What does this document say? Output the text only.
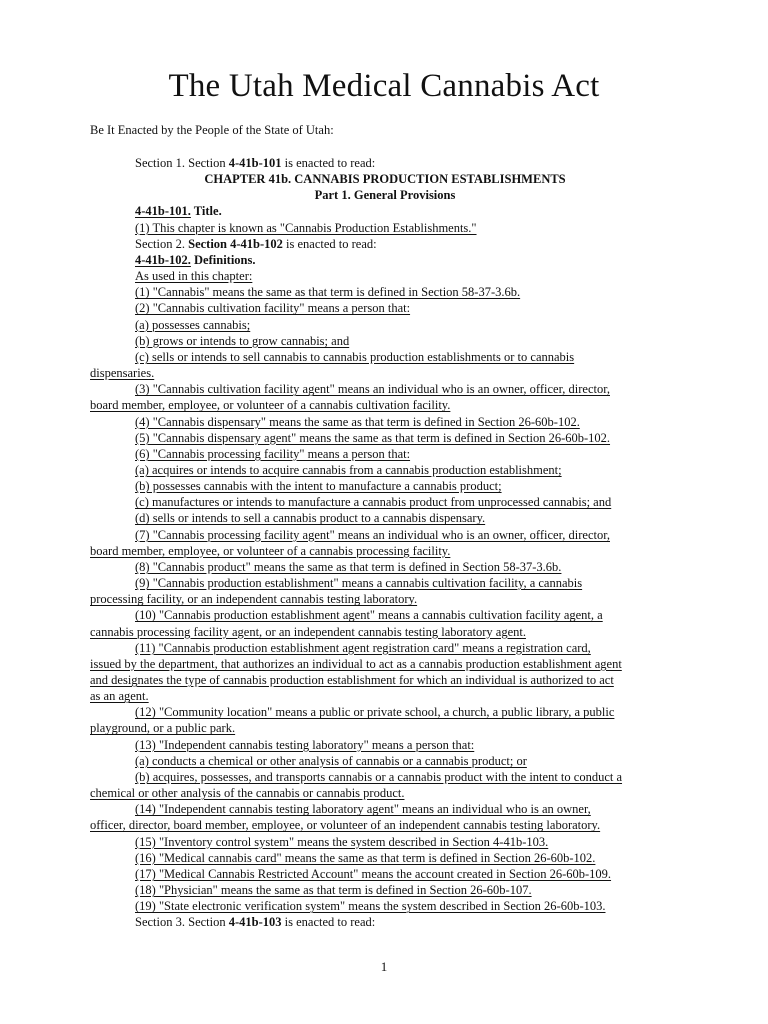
The Utah Medical Cannabis Act
Be It Enacted by the People of the State of Utah:
Section 1. Section 4-41b-101 is enacted to read:
CHAPTER 41b. CANNABIS PRODUCTION ESTABLISHMENTS
Part 1. General Provisions
4-41b-101. Title.
(1) This chapter is known as "Cannabis Production Establishments."
Section 2. Section 4-41b-102 is enacted to read:
4-41b-102. Definitions.
As used in this chapter:
(1) "Cannabis" means the same as that term is defined in Section 58-37-3.6b.
(2) "Cannabis cultivation facility" means a person that:
(a) possesses cannabis;
(b) grows or intends to grow cannabis; and
(c) sells or intends to sell cannabis to cannabis production establishments or to cannabis
dispensaries.
(3) "Cannabis cultivation facility agent" means an individual who is an owner, officer, director,
board member, employee, or volunteer of a cannabis cultivation facility.
(4) "Cannabis dispensary" means the same as that term is defined in Section 26-60b-102.
(5) "Cannabis dispensary agent" means the same as that term is defined in Section 26-60b-102.
(6) "Cannabis processing facility" means a person that:
(a) acquires or intends to acquire cannabis from a cannabis production establishment;
(b) possesses cannabis with the intent to manufacture a cannabis product;
(c) manufactures or intends to manufacture a cannabis product from unprocessed cannabis; and
(d) sells or intends to sell a cannabis product to a cannabis dispensary.
(7) "Cannabis processing facility agent" means an individual who is an owner, officer, director,
board member, employee, or volunteer of a cannabis processing facility.
(8) "Cannabis product" means the same as that term is defined in Section 58-37-3.6b.
(9) "Cannabis production establishment" means a cannabis cultivation facility, a cannabis
processing facility, or an independent cannabis testing laboratory.
(10) "Cannabis production establishment agent" means a cannabis cultivation facility agent, a
cannabis processing facility agent, or an independent cannabis testing laboratory agent.
(11) "Cannabis production establishment agent registration card" means a registration card,
issued by the department, that authorizes an individual to act as a cannabis production establishment agent
and designates the type of cannabis production establishment for which an individual is authorized to act
as an agent.
(12) "Community location" means a public or private school, a church, a public library, a public
playground, or a public park.
(13) "Independent cannabis testing laboratory" means a person that:
(a) conducts a chemical or other analysis of cannabis or a cannabis product; or
(b) acquires, possesses, and transports cannabis or a cannabis product with the intent to conduct a
chemical or other analysis of the cannabis or cannabis product.
(14) "Independent cannabis testing laboratory agent" means an individual who is an owner,
officer, director, board member, employee, or volunteer of an independent cannabis testing laboratory.
(15) "Inventory control system" means the system described in Section 4-41b-103.
(16) "Medical cannabis card" means the same as that term is defined in Section 26-60b-102.
(17) "Medical Cannabis Restricted Account" means the account created in Section 26-60b-109.
(18) "Physician" means the same as that term is defined in Section 26-60b-107.
(19) "State electronic verification system" means the system described in Section 26-60b-103.
Section 3. Section 4-41b-103 is enacted to read:
1
